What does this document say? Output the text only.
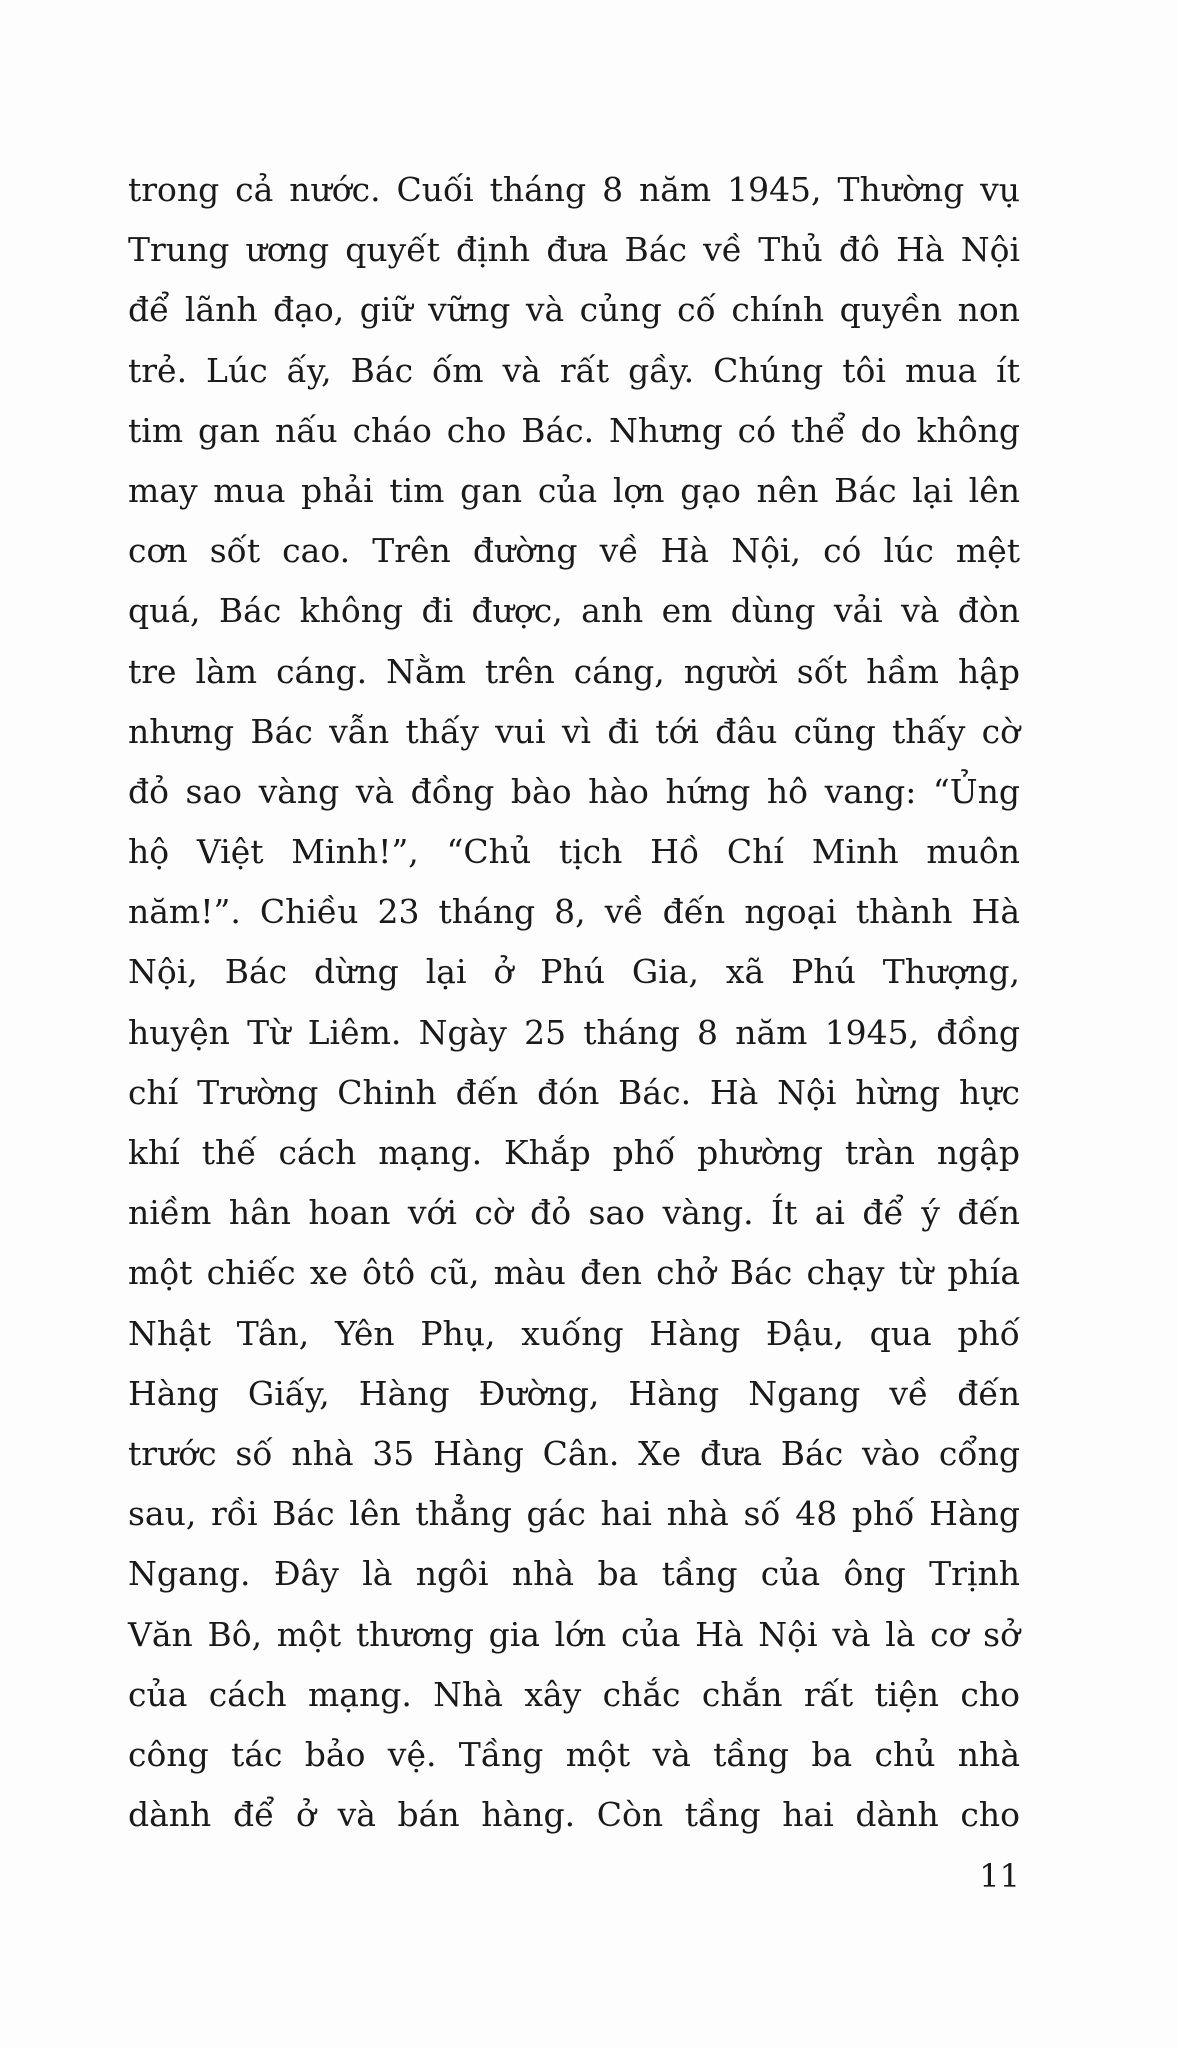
trong cả nước. Cuối tháng 8 năm 1945, Thường vụ
Trung ương quyết định đưa Bác về Thủ đô Hà Nội
để lãnh đạo, giữ vững và củng cố chính quyền non
trẻ. Lúc ấy, Bác ốm và rất gầy. Chúng tôi mua ít
tim gan nấu cháo cho Bác. Nhưng có thể do không
may mua phải tim gan của lợn gạo nên Bác lại lên
cơn sốt cao. Trên đường về Hà Nội, có lúc mệt
quá, Bác không đi được, anh em dùng vải và đòn
tre làm cáng. Nằm trên cáng, người sốt hầm hập
nhưng Bác vẫn thấy vui vì đi tới đâu cũng thấy cờ
đỏ sao vàng và đồng bào hào hứng hô vang: “Ủng
hộ Việt Minh!”, “Chủ tịch Hồ Chí Minh muôn
năm!”. Chiều 23 tháng 8, về đến ngoại thành Hà
Nội, Bác dừng lại ở Phú Gia, xã Phú Thượng,
huyện Từ Liêm. Ngày 25 tháng 8 năm 1945, đồng
chí Trường Chinh đến đón Bác. Hà Nội hừng hực
khí thế cách mạng. Khắp phố phường tràn ngập
niềm hân hoan với cờ đỏ sao vàng. Ít ai để ý đến
một chiếc xe ôtô cũ, màu đen chở Bác chạy từ phía
Nhật Tân, Yên Phụ, xuống Hàng Đậu, qua phố
Hàng Giấy, Hàng Đường, Hàng Ngang về đến
trước số nhà 35 Hàng Cân. Xe đưa Bác vào cổng
sau, rồi Bác lên thẳng gác hai nhà số 48 phố Hàng
Ngang. Đây là ngôi nhà ba tầng của ông Trịnh
Văn Bô, một thương gia lớn của Hà Nội và là cơ sở
của cách mạng. Nhà xây chắc chắn rất tiện cho
công tác bảo vệ. Tầng một và tầng ba chủ nhà
dành để ở và bán hàng. Còn tầng hai dành cho
11
